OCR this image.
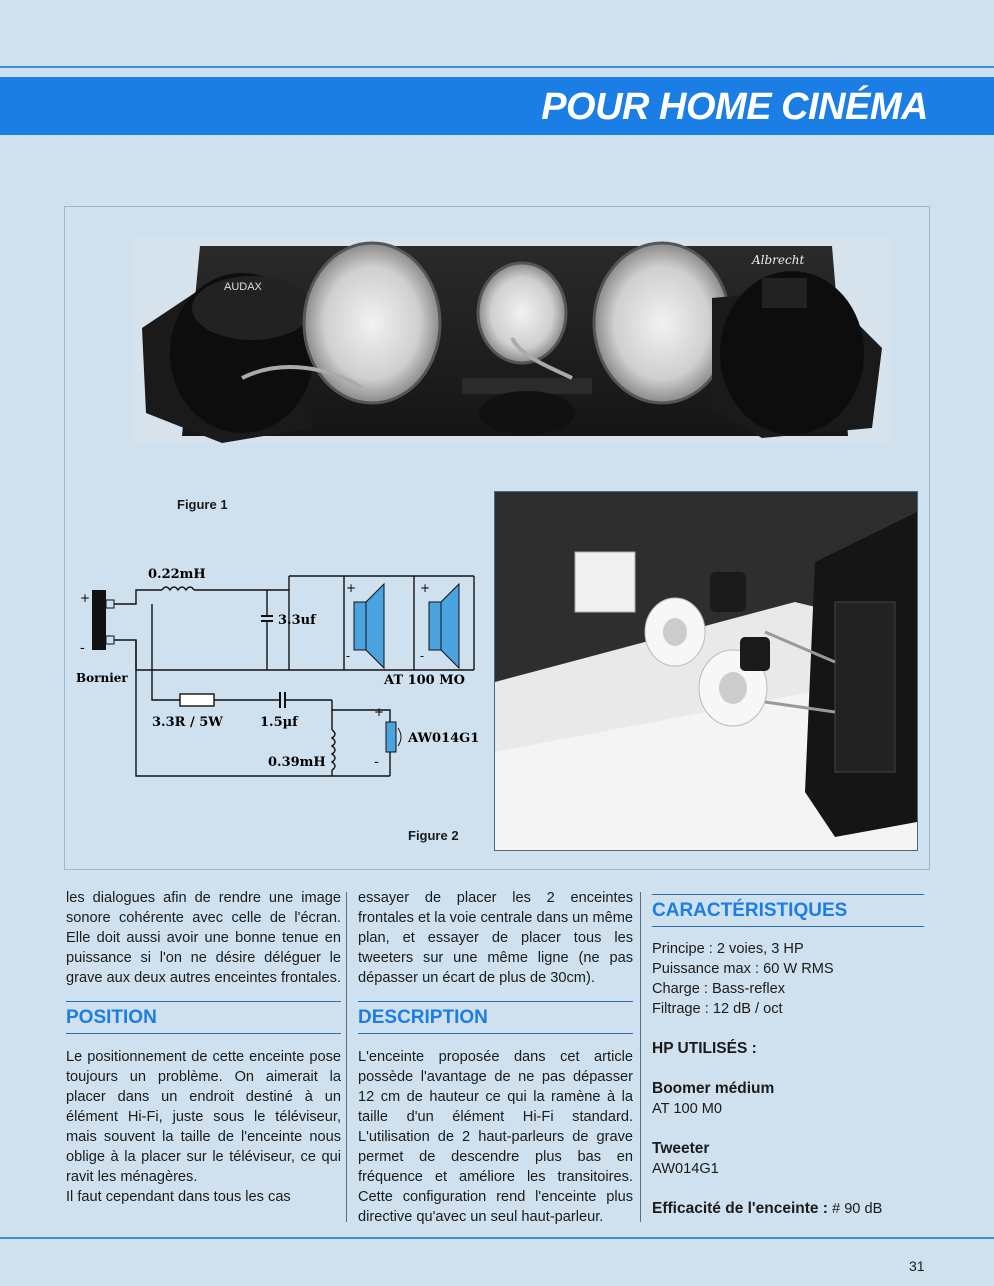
POUR HOME CINÉMA
AUDAX
Albrecht
Figure 1
+
-
Bornier
0.22mH
3.3uf
+
-
+
-
AT 100 MO
3.3R / 5W	1.5µf
0.39mH
+
-
AW014G1
Figure 2

les dialogues afin de rendre une image sonore cohérente avec celle de l'écran. Elle doit aussi avoir une bonne tenue en puissance si l'on ne désire déléguer le grave aux deux autres enceintes frontales.

POSITION

Le positionnement de cette enceinte pose toujours un problème. On aimerait la placer dans un endroit destiné à un élément Hi-Fi, juste sous le téléviseur, mais souvent la taille de l'enceinte nous oblige à la placer sur le téléviseur, ce qui ravit les ménagères.

Il faut cependant dans tous les cas

essayer de placer les 2 enceintes frontales et la voie centrale dans un même plan, et essayer de placer tous les tweeters sur une même ligne (ne pas dépasser un écart de plus de 30cm).

DESCRIPTION

L'enceinte proposée dans cet article possède l'avantage de ne pas dépasser 12 cm de hauteur ce qui la ramène à la taille d'un élément Hi-Fi standard. L'utilisation de 2 haut-parleurs de grave permet de descendre plus bas en fréquence et améliore les transitoires. Cette configuration rend l'enceinte plus directive qu'avec un seul haut-parleur.

CARACTÉRISTIQUES

Principe : 2 voies, 3 HP

Puissance max : 60 W RMS

Charge : Bass-reflex

Filtrage : 12 dB / oct

HP UTILISÉS :

Boomer médium

AT 100 M0

Tweeter

AW014G1

Efficacité de l'enceinte : # 90 dB

31
